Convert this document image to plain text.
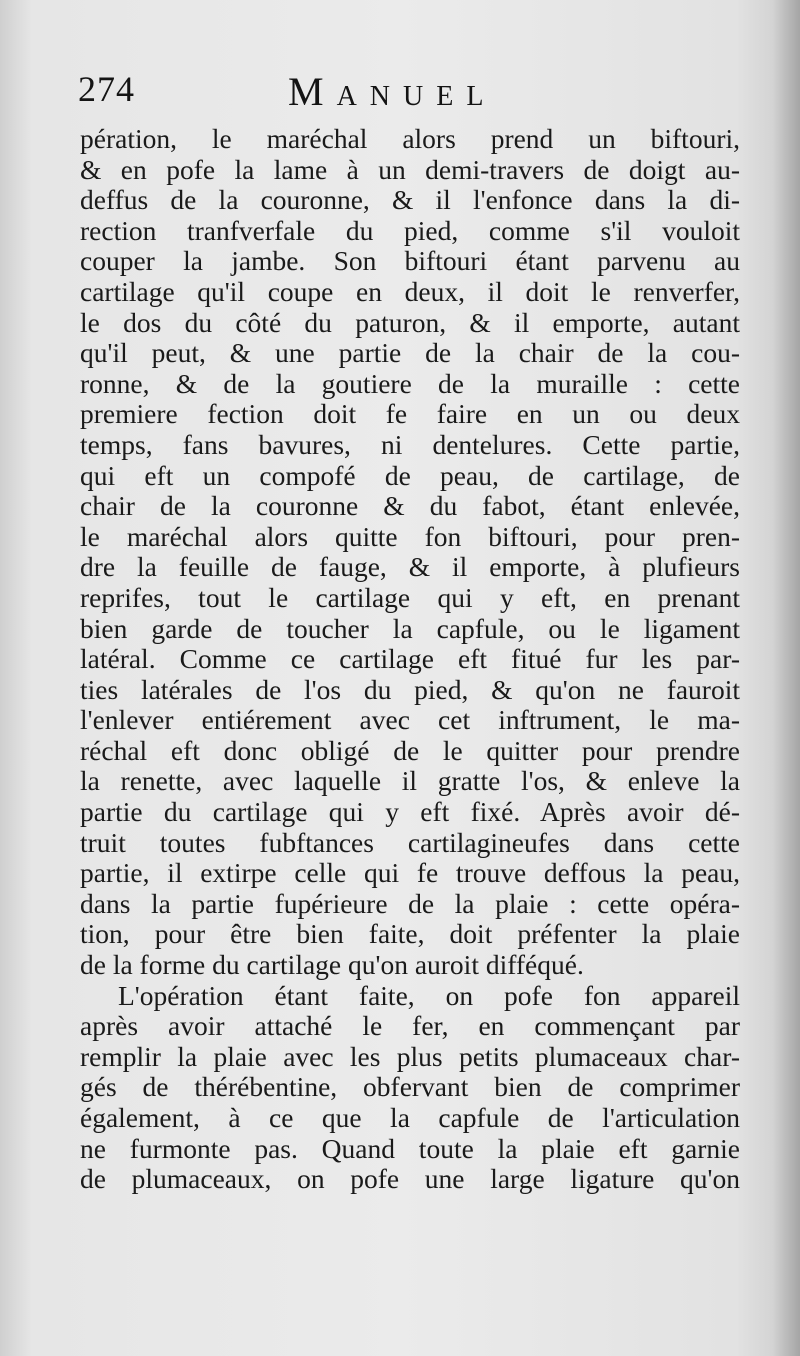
274	Manuel
pération, le maréchal alors prend un biftouri,
& en pofe la lame à un demi-travers de doigt au-
deffus de la couronne, & il l'enfonce dans la di-
rection tranfverfale du pied, comme s'il vouloit
couper la jambe. Son biftouri étant parvenu au
cartilage qu'il coupe en deux, il doit le renverfer,
le dos du côté du paturon, & il emporte, autant
qu'il peut, & une partie de la chair de la cou-
ronne, & de la goutiere de la muraille : cette
premiere fection doit fe faire en un ou deux
temps, fans bavures, ni dentelures. Cette partie,
qui eft un compofé de peau, de cartilage, de
chair de la couronne & du fabot, étant enlevée,
le maréchal alors quitte fon biftouri, pour pren-
dre la feuille de fauge, & il emporte, à plufieurs
reprifes, tout le cartilage qui y eft, en prenant
bien garde de toucher la capfule, ou le ligament
latéral. Comme ce cartilage eft fitué fur les par-
ties latérales de l'os du pied, & qu'on ne fauroit
l'enlever entiérement avec cet inftrument, le ma-
réchal eft donc obligé de le quitter pour prendre
la renette, avec laquelle il gratte l'os, & enleve la
partie du cartilage qui y eft fixé. Après avoir dé-
truit toutes fubftances cartilagineufes dans cette
partie, il extirpe celle qui fe trouve deffous la peau,
dans la partie fupérieure de la plaie : cette opéra-
tion, pour être bien faite, doit préfenter la plaie
de la forme du cartilage qu'on auroit difféqué.
L'opération étant faite, on pofe fon appareil
après avoir attaché le fer, en commençant par
remplir la plaie avec les plus petits plumaceaux char-
gés de thérébentine, obfervant bien de comprimer
également, à ce que la capfule de l'articulation
ne furmonte pas. Quand toute la plaie eft garnie
de plumaceaux, on pofe une large ligature qu'on
